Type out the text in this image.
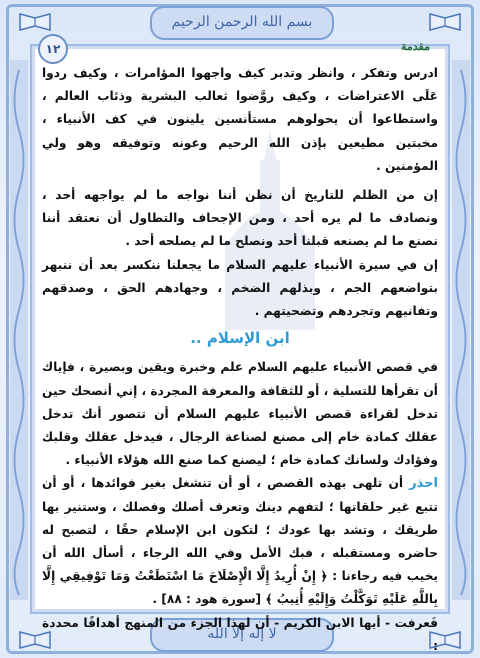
بسم الله الرحمن الرحيم
لا إله إلا الله
١٢	مقدمة

ادرس وتفكر ، وانظر وتدبر كيف واجهوا المؤامرات ، وكيف ردوا عَلَى الاعتراضات ، وكيف روَّضوا ثعالب البشرية وذئاب العالم ، واستطاعوا أن يحولوهم مستأنسين يلينون في كف الأنبياء ، مخبتين مطيعين بإذن الله الرحيم وعونه وتوفيقه وهو ولي المؤمنين .

إن من الظلم للتاريخ أن نظن أننا نواجه ما لم يواجهه أحد ، ونصادف ما لم يره أحد ، ومن الإجحاف والتطاول أن نعتقد أننا نصنع ما لم يصنعه قبلنا أحد ونصلح ما لم يصلحه أحد .

إن في سيرة الأنبياء عليهم السلام ما يجعلنا ننكسر بعد أن ننبهر بتواضعهم الجم ، وبذلهم الضخم ، وجهادهم الحق ، وصدقهم وتفانيهم وتجردهم وتضحيتهم .

ابن الإسلام ..

في قصص الأنبياء عليهم السلام علم وخبرة ويقين وبصيرة ، فإياك أن تقرأها للتسلية ، أو للثقافة والمعرفة المجردة ، إني أنصحك حين تدخل لقراءة قصص الأنبياء عليهم السلام أن تتصور أنك تدخل عقلك كمادة خام إلى مصنع لصناعة الرجال ، فيدخل عقلك وقلبك وفؤادك ولسانك كمادة خام ؛ ليصنع كما صنع الله هؤلاء الأنبياء .

احذر أن تلهى بهذه القصص ، أو أن تنشغل بغير فوائدها ، أو أن تتبع غير حلقاتها ؛ لتفهم دينك وتعرف أصلك وفصلك ، وستنير بها طريقك ، وتشد بها عودك ؛ لتكون ابن الإسلام حقًا ، لتصبح له حاضره ومستقبله ، فبك الأمل وفي الله الرجاء ، أسأل الله أن يخيب فيه رجاءنا : ﴿ إِنْ أُرِيدُ إِلَّا الْإِصْلَاحَ مَا اسْتَطَعْتُ وَمَا تَوْفِيقِي إِلَّا بِاللَّهِ عَلَيْهِ تَوَكَّلْتُ وَإِلَيْهِ أُنِيبُ ﴾ [سورة هود : ٨٨] .

فَعرفت - أيها الابن الكريم - أن لهذا الجزء من المنهج أهدافًا محددة :
